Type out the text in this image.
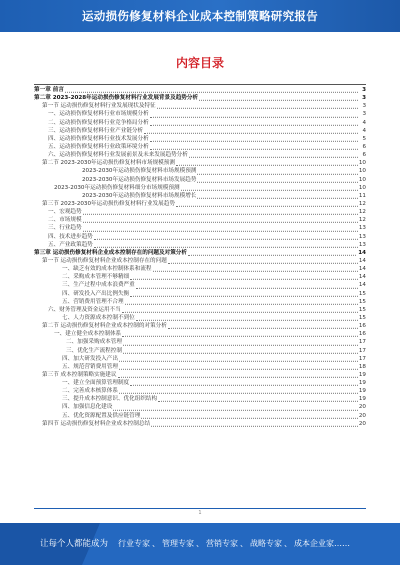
运动损伤修复材料企业成本控制策略研究报告
内容目录
第一章 前言	3
第二章 2023-2028年运动损伤修复材料行业发展背景及趋势分析	3
第一节 运动损伤修复材料行业发展现状及特征	3
一、运动损伤修复材料行业市场规模分析	3
二、运动损伤修复材料行业竞争格局分析	4
三、运动损伤修复材料行业产业链分析	4
四、运动损伤修复材料行业技术发展分析	5
五、运动损伤修复材料行业政策环境分析	6
六、运动损伤修复材料行业发展前景及未来发展趋势分析	6
第二节 2023-2030年运动损伤修复材料市场规模预测	10
2023-2030年运动损伤修复材料市场规模预测	10
2023-2030年运动损伤修复材料市场发展趋势	10
2023-2030年运动损伤修复材料细分市场规模预测	10
2023-2030年运动损伤修复材料市场规模增长	11
第三节 2023-2030年运动损伤修复材料行业发展趋势	12
一、宏观趋势	12
二、市场规模	12
三、行业趋势	13
四、技术进步趋势	13
五、产业政策趋势	13
第三章 运动损伤修复材料企业成本控制存在的问题及对策分析	14
第一节 运动损伤修复材料企业成本控制存在的问题	14
一、缺乏有效的成本控制体系和流程	14
二、采购成本管理不够精细	14
三、生产过程中成本浪费严重	14
四、研发投入产出比例失衡	15
五、营销费用管理不合理	15
六、财务管理及资金运用不当	15
七、人力资源成本控制不到位	15
第二节 运动损伤修复材料企业成本控制的对策分析	16
一、建立健全成本控制体系	16
二、加强采购成本管理	17
三、优化生产流程控制	17
四、加大研发投入产出	17
五、规范营销费用管理	18
第三节 成本控制策略实施建议	19
一、建立全面预算管理制度	19
二、完善成本核算体系	19
三、提升成本控制意识、优化组织结构	19
四、加强信息化建设	20
五、优化资源配置及供应链管理	20
第四节 运动损伤修复材料企业成本控制总结	20
1
让每个人都能成为 行业专家 、 管理专家 、 营销专家 、 战略专家 、 成本企业家……
